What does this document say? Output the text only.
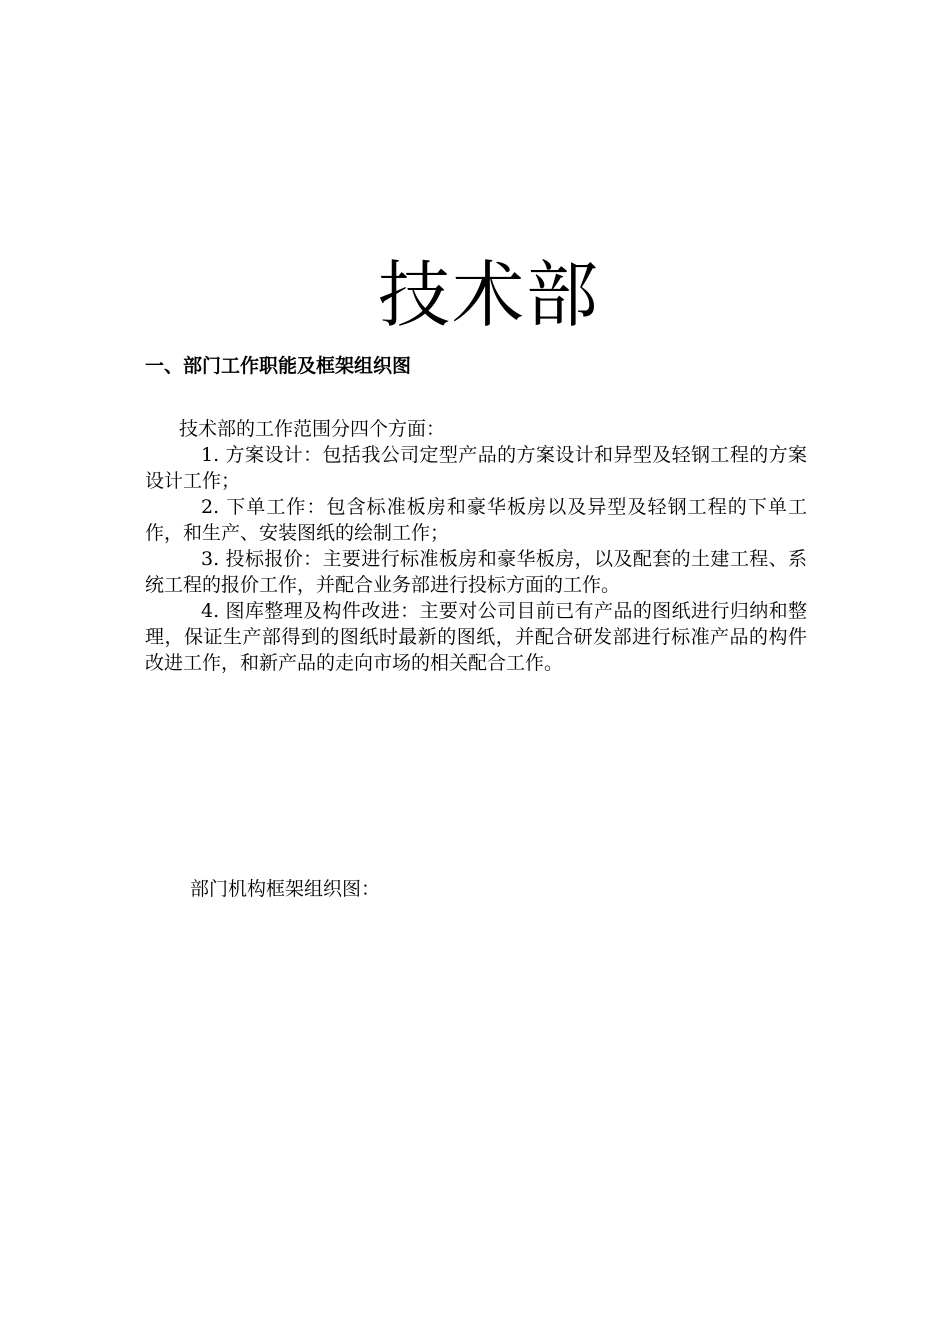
技术部
一、部门工作职能及框架组织图

技术部的工作范围分四个方面：

1. 方案设计：包括我公司定型产品的方案设计和异型及轻钢工程的方案设计工作；

2. 下单工作：包含标准板房和豪华板房以及异型及轻钢工程的下单工作，和生产、安装图纸的绘制工作；

3. 投标报价：主要进行标准板房和豪华板房，以及配套的土建工程、系统工程的报价工作，并配合业务部进行投标方面的工作。

4. 图库整理及构件改进：主要对公司目前已有产品的图纸进行归纳和整理，保证生产部得到的图纸时最新的图纸，并配合研发部进行标准产品的构件改进工作，和新产品的走向市场的相关配合工作。

部门机构框架组织图：
